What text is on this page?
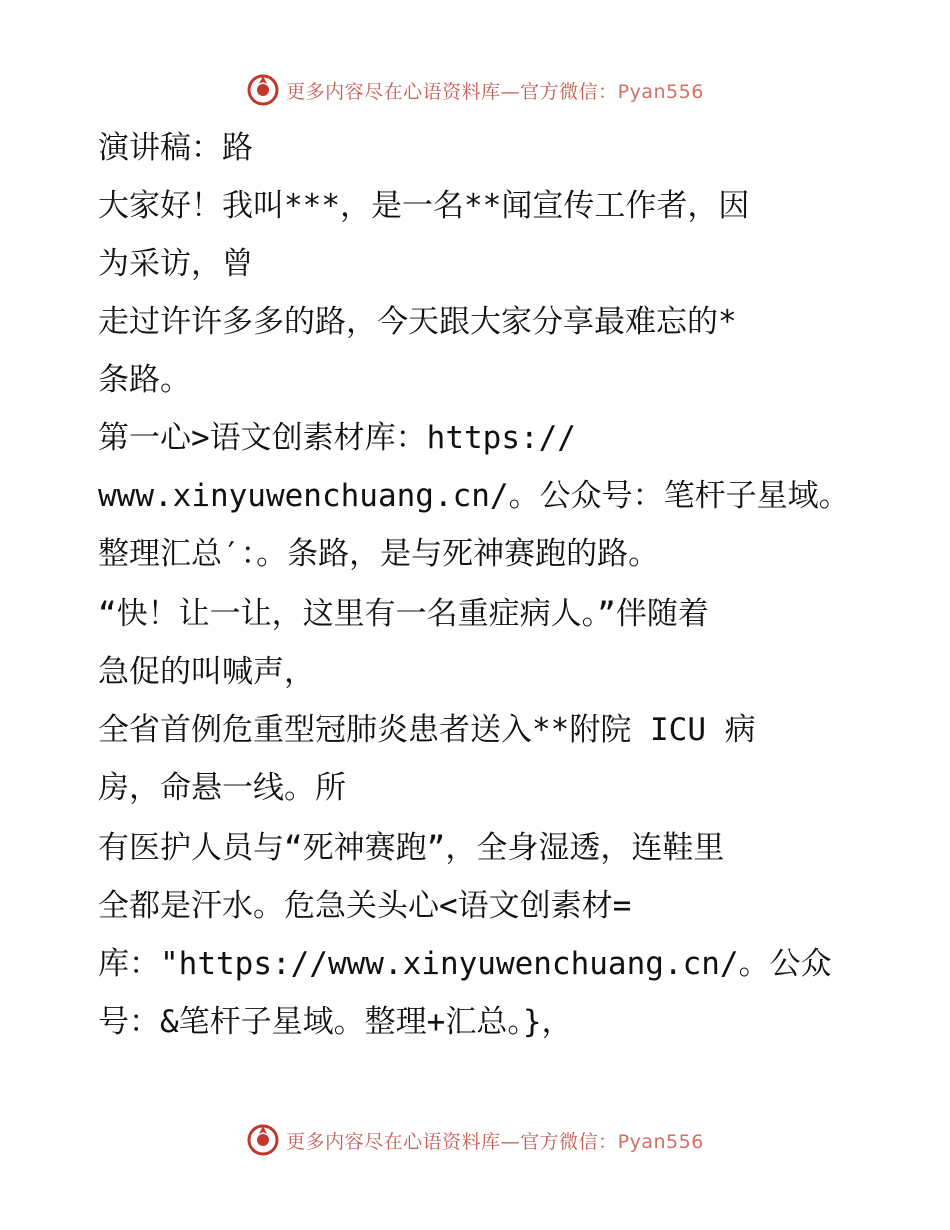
更多内容尽在心语资料库—官方微信：Pyan556
演讲稿：路
大家好！我叫***，是一名**闻宣传工作者，因
为采访，曾
走过许许多多的路，今天跟大家分享最难忘的*
条路。
第一心>语文创素材库：https://
www.xinyuwenchuang.cn/。公众号：笔杆子星域。
整理汇总′：。条路，是与死神赛跑的路。
“快！让一让，这里有一名重症病人。”伴随着
急促的叫喊声，
全省首例危重型冠肺炎患者送入**附院 ICU 病
房，命悬一线。所
有医护人员与“死神赛跑”，全身湿透，连鞋里
全都是汗水。危急关头心<语文创素材=
库："https://www.xinyuwenchuang.cn/。公众
号：&笔杆子星域。整理+汇总。}，
更多内容尽在心语资料库—官方微信：Pyan556
